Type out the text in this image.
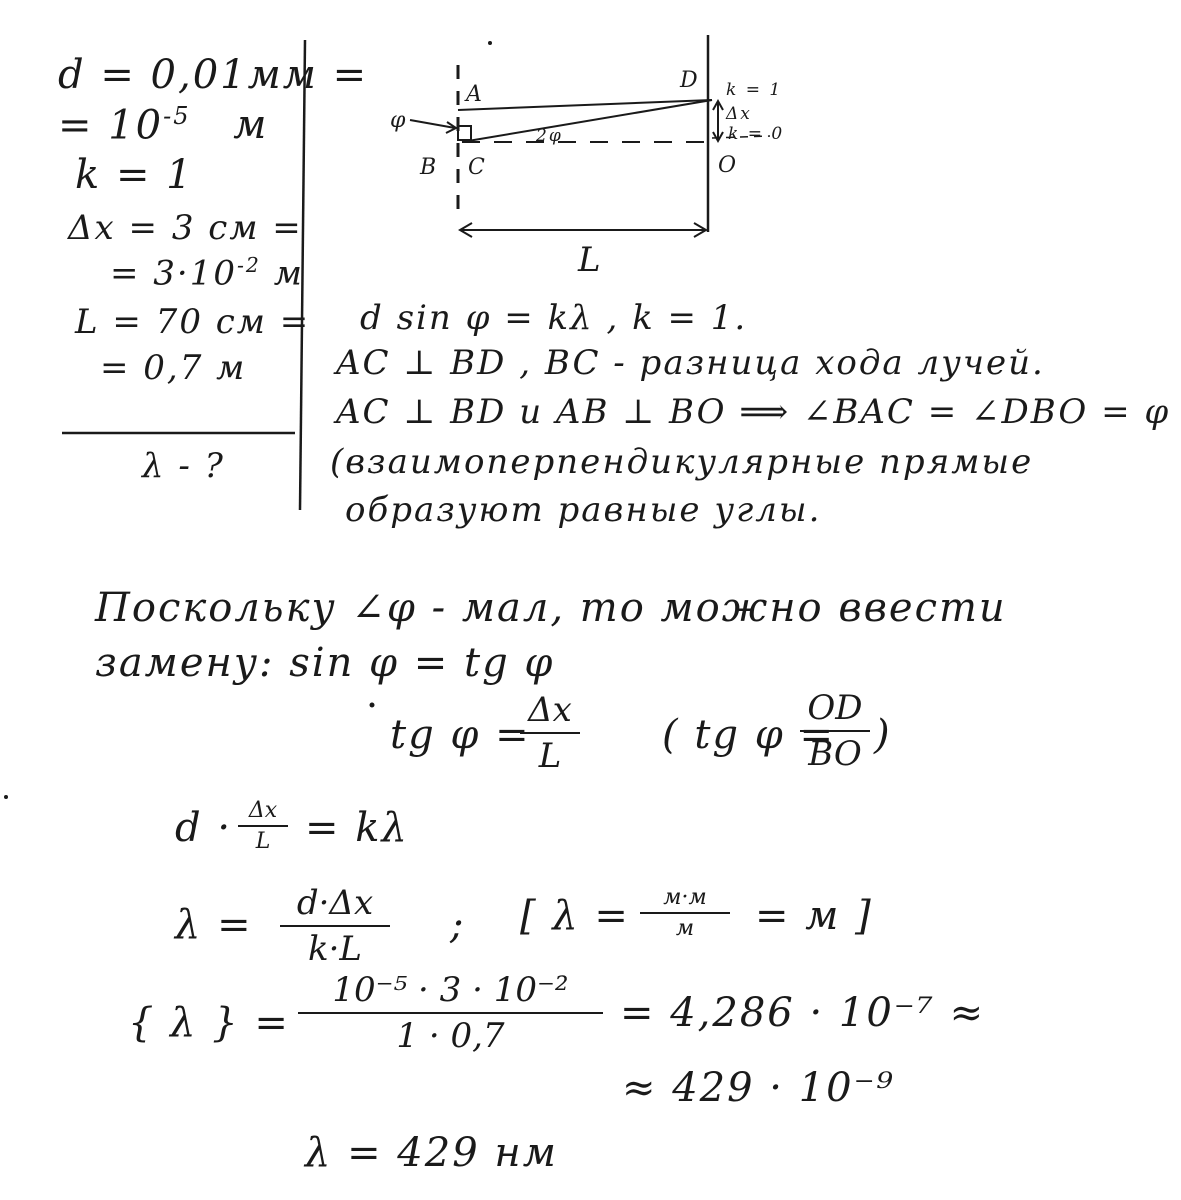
d = 0,01мм =
= $10^{-5}$ м
k = 1
Δx = 3 см =
= $3\cdot 10^{-2}$ м
L = 70 см =
= 0,7 м
λ - ?
A
B C
D
O
φ
2φ
k = 1
Δx
k = 0
L
d sin φ = kλ , k = 1.
AC ⊥ BD , BC - разница хода лучей.
AC ⊥ BD и AB ⊥ BO ⟹ ∠BAC = ∠DBO = φ
(взаимоперпендикулярные прямые
образуют равные углы.
Поскольку ∠φ - мал, то можно ввести
замену: sin φ = tg φ
tg φ =
Δx
L	( tg φ =
OD
BO )
d · Δx
L = kλ
λ =	d·Δx
k·L
; [ λ =	м·м
м	= м ]
{ λ } =
10⁻⁵ · 3 · 10⁻²
1 · 0,7	= 4,286 · 10⁻⁷ ≈
≈ 429 · 10⁻⁹
λ = 429 нм
